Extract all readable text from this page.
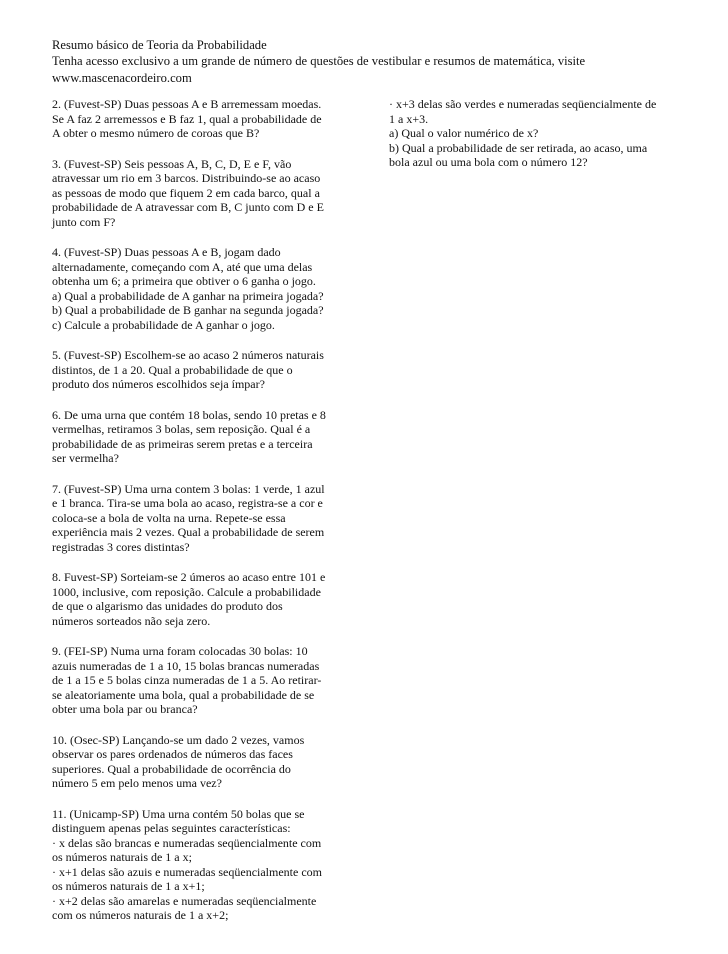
Resumo básico de Teoria da Probabilidade
Tenha acesso exclusivo a um grande de número de questões de vestibular e resumos de matemática, visite
www.mascenacordeiro.com
2. (Fuvest-SP) Duas pessoas A e B arremessam moedas.
Se A faz 2 arremessos e B faz 1, qual a probabilidade de
A obter o mesmo número de coroas que B?
3. (Fuvest-SP) Seis pessoas A, B, C, D, E e F, vão
atravessar um rio em 3 barcos. Distribuindo-se ao acaso
as pessoas de modo que fiquem 2 em cada barco, qual a
probabilidade de A atravessar com B, C junto com D e E
junto com F?
4. (Fuvest-SP) Duas pessoas A e B, jogam dado
alternadamente, começando com A, até que uma delas
obtenha um 6; a primeira que obtiver o 6 ganha o jogo.
a) Qual a probabilidade de A ganhar na primeira jogada?
b) Qual a probabilidade de B ganhar na segunda jogada?
c) Calcule a probabilidade de A ganhar o jogo.
5. (Fuvest-SP) Escolhem-se ao acaso 2 números naturais
distintos, de 1 a 20. Qual a probabilidade de que o
produto dos números escolhidos seja ímpar?
6. De uma urna que contém 18 bolas, sendo 10 pretas e 8
vermelhas, retiramos 3 bolas, sem reposição. Qual é a
probabilidade de as primeiras serem pretas e a terceira
ser vermelha?
7. (Fuvest-SP) Uma urna contem 3 bolas: 1 verde, 1 azul
e 1 branca. Tira-se uma bola ao acaso, registra-se a cor e
coloca-se a bola de volta na urna. Repete-se essa
experiência mais 2 vezes. Qual a probabilidade de serem
registradas 3 cores distintas?
8. Fuvest-SP) Sorteiam-se 2 úmeros ao acaso entre 101 e
1000, inclusive, com reposição. Calcule a probabilidade
de que o algarismo das unidades do produto dos
números sorteados não seja zero.
9. (FEI-SP) Numa urna foram colocadas 30 bolas: 10
azuis numeradas de 1 a 10, 15 bolas brancas numeradas
de 1 a 15 e 5 bolas cinza numeradas de 1 a 5. Ao retirar-
se aleatoriamente uma bola, qual a probabilidade de se
obter uma bola par ou branca?
10. (Osec-SP) Lançando-se um dado 2 vezes, vamos
observar os pares ordenados de números das faces
superiores. Qual a probabilidade de ocorrência do
número 5 em pelo menos uma vez?
11. (Unicamp-SP) Uma urna contém 50 bolas que se
distinguem apenas pelas seguintes características:
· x delas são brancas e numeradas seqüencialmente com
os números naturais de 1 a x;
· x+1 delas são azuis e numeradas seqüencialmente com
os números naturais de 1 a x+1;
· x+2 delas são amarelas e numeradas seqüencialmente
com os números naturais de 1 a x+2;
· x+3 delas são verdes e numeradas seqüencialmente de
1 a x+3.
a) Qual o valor numérico de x?
b) Qual a probabilidade de ser retirada, ao acaso, uma
bola azul ou uma bola com o número 12?
